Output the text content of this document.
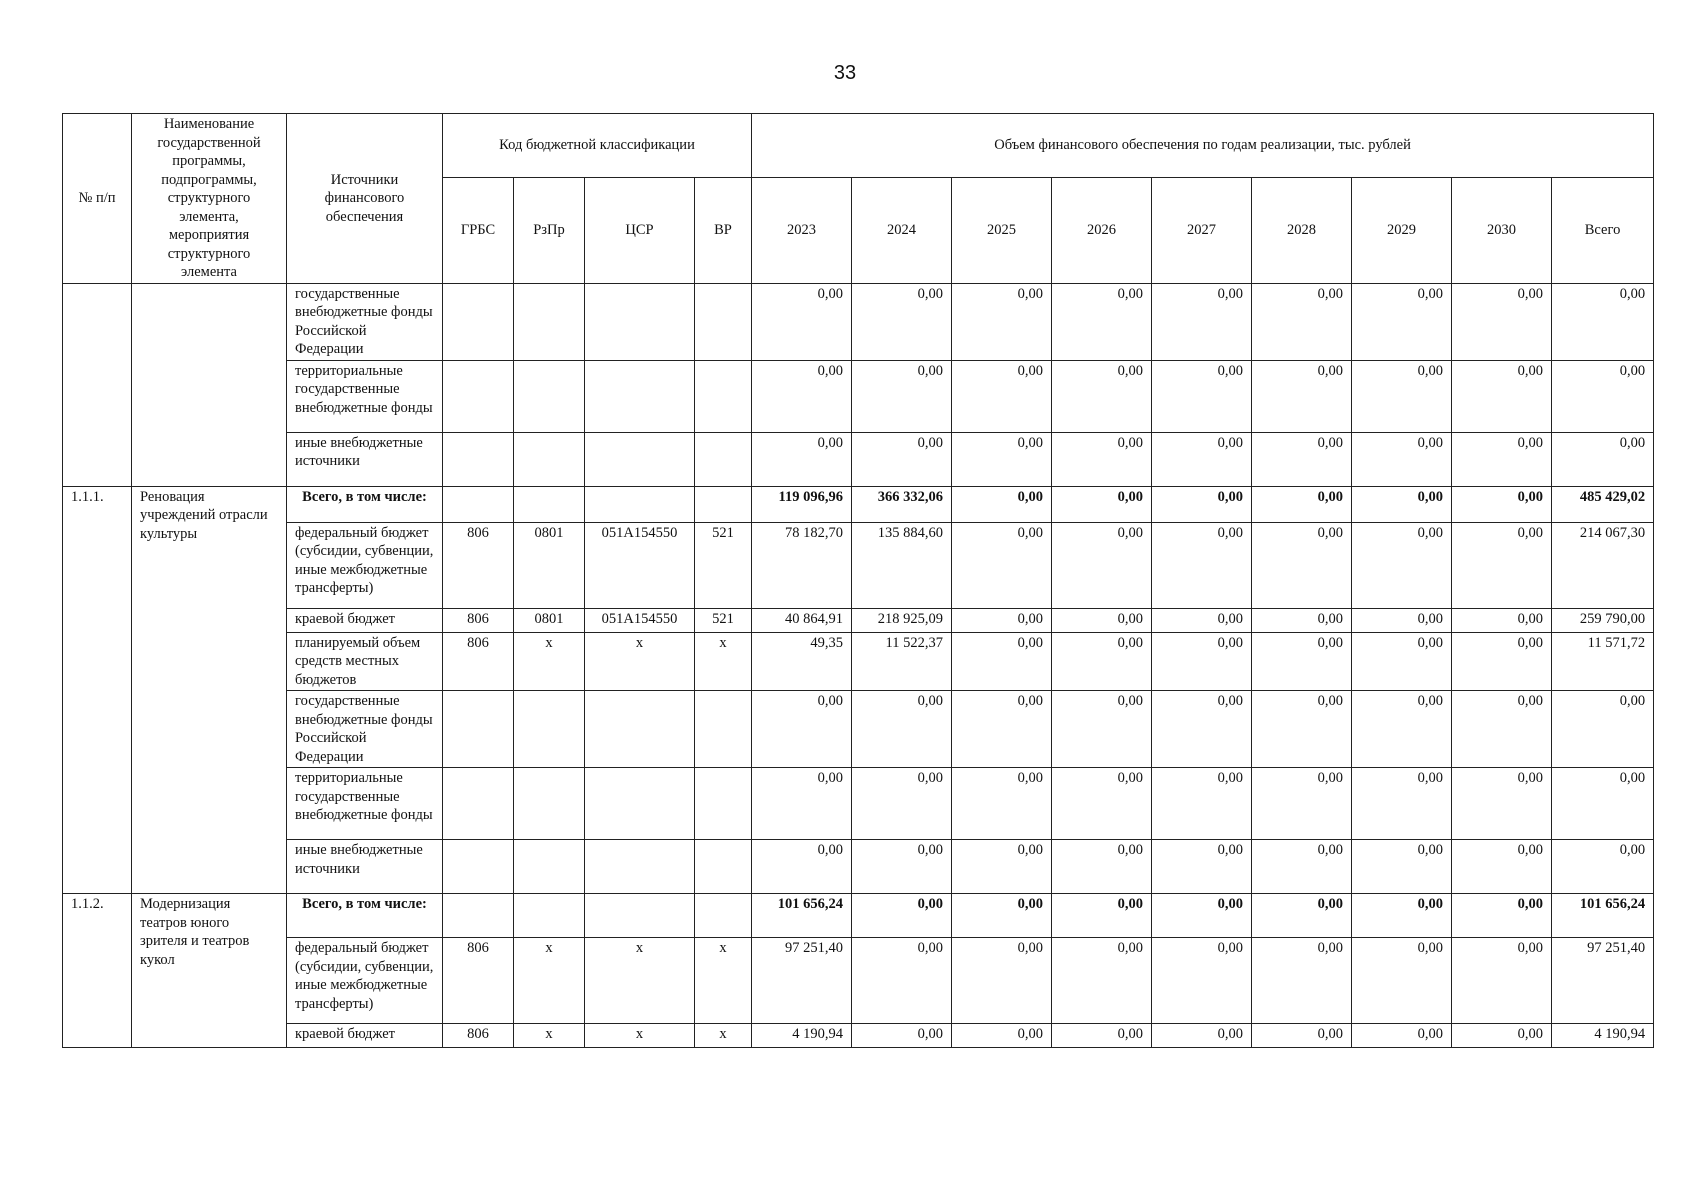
33
№ п/п	Наименование государственной программы, подпрограммы, структурного элемента, мероприятия структурного элемента	Источники финансового обеспечения	Код бюджетной классификации				Объем финансового обеспечения по годам реализации, тыс. рублей								
			ГРБС	РзПр	ЦСР	ВР	2023	2024	2025	2026	2027	2028	2029	2030	Всего
		государственные внебюджетные фонды Российской Федерации					0,00	0,00	0,00	0,00	0,00	0,00	0,00	0,00	0,00
		территориальные государственные внебюджетные фонды					0,00	0,00	0,00	0,00	0,00	0,00	0,00	0,00	0,00
		иные внебюджетные источники					0,00	0,00	0,00	0,00	0,00	0,00	0,00	0,00	0,00
1.1.1.	Реновация учреждений отрасли культуры	Всего, в том числе:					119 096,96	366 332,06	0,00	0,00	0,00	0,00	0,00	0,00	485 429,02
		федеральный бюджет (субсидии, субвенции, иные межбюджетные трансферты)	806	0801	051A154550	521	78 182,70	135 884,60	0,00	0,00	0,00	0,00	0,00	0,00	214 067,30
		краевой бюджет	806	0801	051A154550	521	40 864,91	218 925,09	0,00	0,00	0,00	0,00	0,00	0,00	259 790,00
		планируемый объем средств местных бюджетов	806	x	x	x	49,35	11 522,37	0,00	0,00	0,00	0,00	0,00	0,00	11 571,72
		государственные внебюджетные фонды Российской Федерации					0,00	0,00	0,00	0,00	0,00	0,00	0,00	0,00	0,00
		территориальные государственные внебюджетные фонды					0,00	0,00	0,00	0,00	0,00	0,00	0,00	0,00	0,00
		иные внебюджетные источники					0,00	0,00	0,00	0,00	0,00	0,00	0,00	0,00	0,00
1.1.2.	Модернизация театров юного зрителя и театров кукол	Всего, в том числе:					101 656,24	0,00	0,00	0,00	0,00	0,00	0,00	0,00	101 656,24
		федеральный бюджет (субсидии, субвенции, иные межбюджетные трансферты)	806	x	x	x	97 251,40	0,00	0,00	0,00	0,00	0,00	0,00	0,00	97 251,40
		краевой бюджет	806	x	x	x	4 190,94	0,00	0,00	0,00	0,00	0,00	0,00	0,00	4 190,94
